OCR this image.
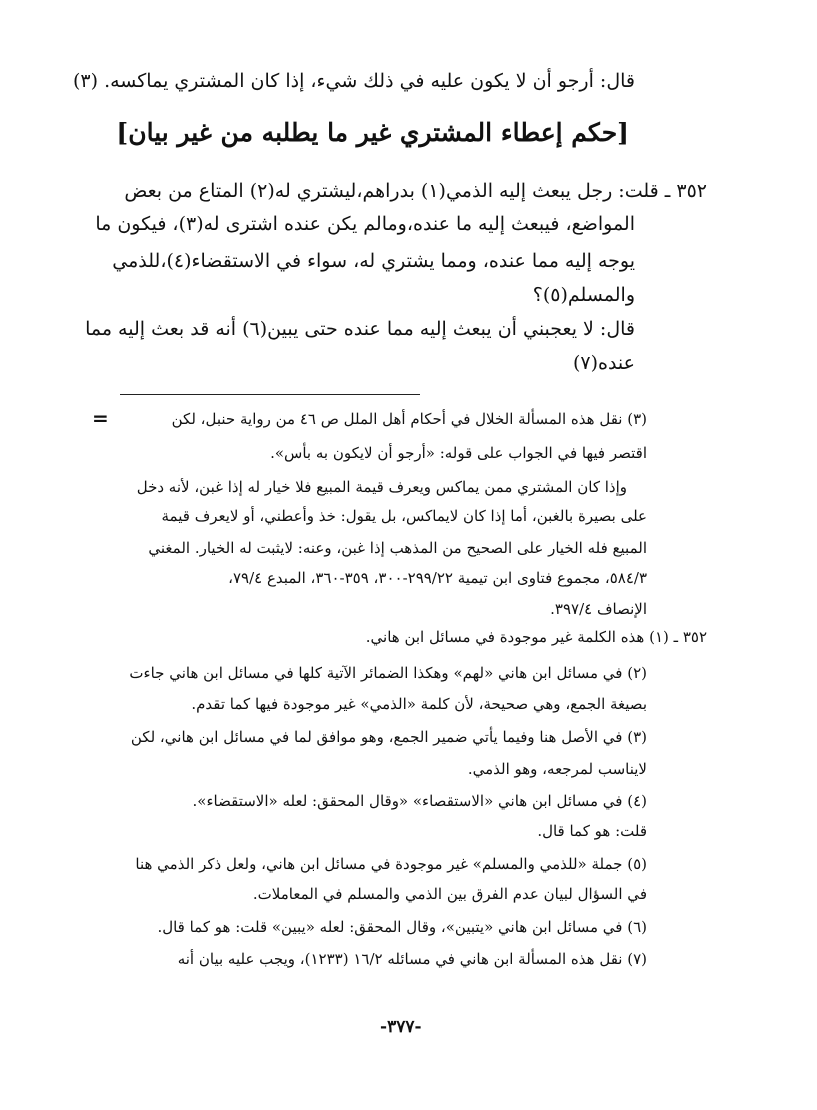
قال: أرجو أن لا يكون عليه في ذلك شيء، إذا كان المشتري يماكسه. (٣)
[حكم إعطاء المشتري غير ما يطلبه من غير بيان]
٣٥٢ ـ قلت: رجل يبعث إليه الذمي(١) بدراهم،ليشتري له(٢) المتاع من بعض
المواضع، فيبعث إليه ما عنده،ومالم يكن عنده اشترى له(٣)، فيكون ما
يوجه إليه مما عنده، ومما يشتري له، سواء في الاستقضاء(٤)،للذمي
والمسلم(٥)؟
قال: لا يعجبني أن يبعث إليه مما عنده حتى يبين(٦) أنه قد بعث إليه مما
عنده(٧)
=	(٣) نقل هذه المسألة الخلال في أحكام أهل الملل ص ٤٦ من رواية حنبل، لكن
اقتصر فيها في الجواب على قوله: «أرجو أن لايكون به بأس».
وإذا كان المشتري ممن يماكس ويعرف قيمة المبيع فلا خيار له إذا غبن، لأنه دخل
على بصيرة بالغبن، أما إذا كان لايماكس، بل يقول: خذ وأعطني، أو لايعرف قيمة
المبيع فله الخيار على الصحيح من المذهب إذا غبن، وعنه: لايثبت له الخيار. المغني
٥٨٤/٣، مجموع فتاوى ابن تيمية ٢٩٩/٢٢-٣٠٠، ٣٥٩-٣٦٠، المبدع ٧٩/٤،
الإنصاف ٣٩٧/٤.
٣٥٢ ـ (١) هذه الكلمة غير موجودة في مسائل ابن هاني.
(٢) في مسائل ابن هاني «لهم» وهكذا الضمائر الآتية كلها في مسائل ابن هاني جاءت
بصيغة الجمع، وهي صحيحة، لأن كلمة «الذمي» غير موجودة فيها كما تقدم.
(٣) في الأصل هنا وفيما يأتي ضمير الجمع، وهو موافق لما في مسائل ابن هاني، لكن
لايناسب لمرجعه، وهو الذمي.
(٤) في مسائل ابن هاني «الاستقصاء» «وقال المحقق: لعله «الاستقضاء».
قلت: هو كما قال.
(٥) جملة «للذمي والمسلم» غير موجودة في مسائل ابن هاني، ولعل ذكر الذمي هنا
في السؤال لبيان عدم الفرق بين الذمي والمسلم في المعاملات.
(٦) في مسائل ابن هاني «يتبين»، وقال المحقق: لعله «يبين» قلت: هو كما قال.
(٧) نقل هذه المسألة ابن هاني في مسائله ١٦/٢ (١٢٣٣)، ويجب عليه بيان أنه
-٣٧٧-
